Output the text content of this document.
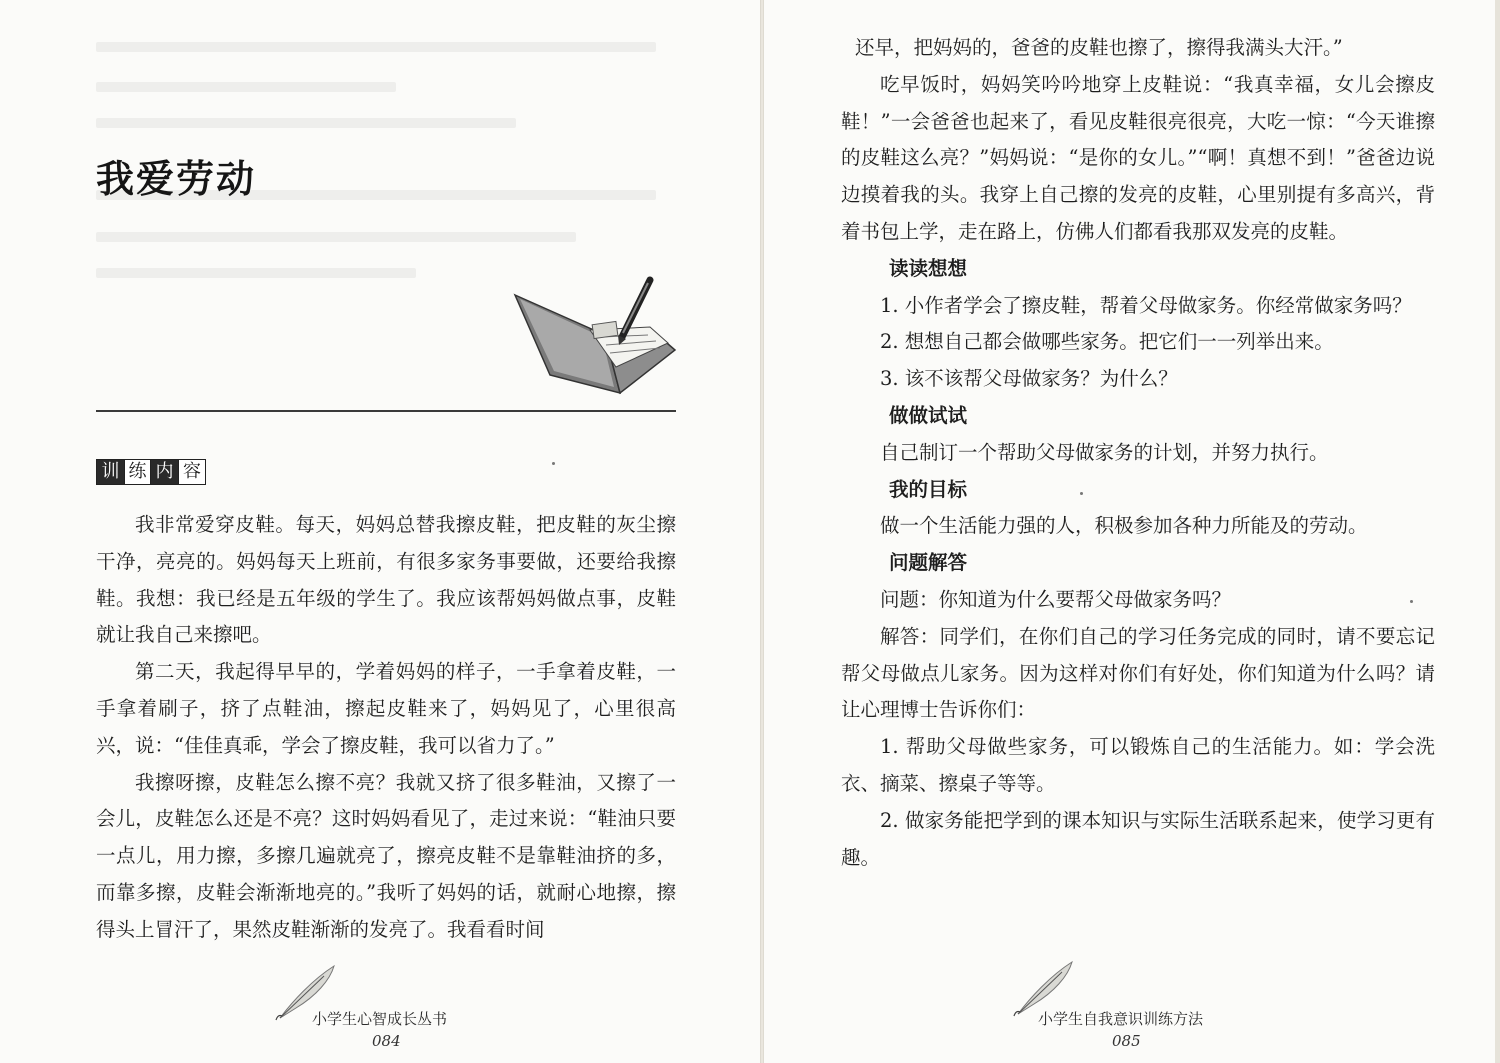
我爱劳动
训 练 内 容

我非常爱穿皮鞋。每天，妈妈总替我擦皮鞋，把皮鞋的灰尘擦干净，亮亮的。妈妈每天上班前，有很多家务事要做，还要给我擦鞋。我想：我已经是五年级的学生了。我应该帮妈妈做点事，皮鞋就让我自己来擦吧。

第二天，我起得早早的，学着妈妈的样子，一手拿着皮鞋，一手拿着刷子，挤了点鞋油，擦起皮鞋来了，妈妈见了，心里很高兴，说：“佳佳真乖，学会了擦皮鞋，我可以省力了。”

我擦呀擦，皮鞋怎么擦不亮？我就又挤了很多鞋油，又擦了一会儿，皮鞋怎么还是不亮？这时妈妈看见了，走过来说：“鞋油只要一点儿，用力擦，多擦几遍就亮了，擦亮皮鞋不是靠鞋油挤的多，而靠多擦，皮鞋会渐渐地亮的。”我听了妈妈的话，就耐心地擦，擦得头上冒汗了，果然皮鞋渐渐的发亮了。我看看时间

小学生心智成长丛书
084

还早，把妈妈的，爸爸的皮鞋也擦了，擦得我满头大汗。”

吃早饭时，妈妈笑吟吟地穿上皮鞋说：“我真幸福，女儿会擦皮鞋！”一会爸爸也起来了，看见皮鞋很亮很亮，大吃一惊：“今天谁擦的皮鞋这么亮？”妈妈说：“是你的女儿。”“啊！真想不到！”爸爸边说边摸着我的头。我穿上自己擦的发亮的皮鞋，心里别提有多高兴，背着书包上学，走在路上，仿佛人们都看我那双发亮的皮鞋。

读读想想

1. 小作者学会了擦皮鞋，帮着父母做家务。你经常做家务吗？

2. 想想自己都会做哪些家务。把它们一一列举出来。

3. 该不该帮父母做家务？为什么？

做做试试

自己制订一个帮助父母做家务的计划，并努力执行。

我的目标

做一个生活能力强的人，积极参加各种力所能及的劳动。

问题解答

问题：你知道为什么要帮父母做家务吗？

解答：同学们，在你们自己的学习任务完成的同时，请不要忘记帮父母做点儿家务。因为这样对你们有好处，你们知道为什么吗？请让心理博士告诉你们：

1. 帮助父母做些家务，可以锻炼自己的生活能力。如：学会洗衣、摘菜、擦桌子等等。

2. 做家务能把学到的课本知识与实际生活联系起来，使学习更有趣。

小学生自我意识训练方法
085
